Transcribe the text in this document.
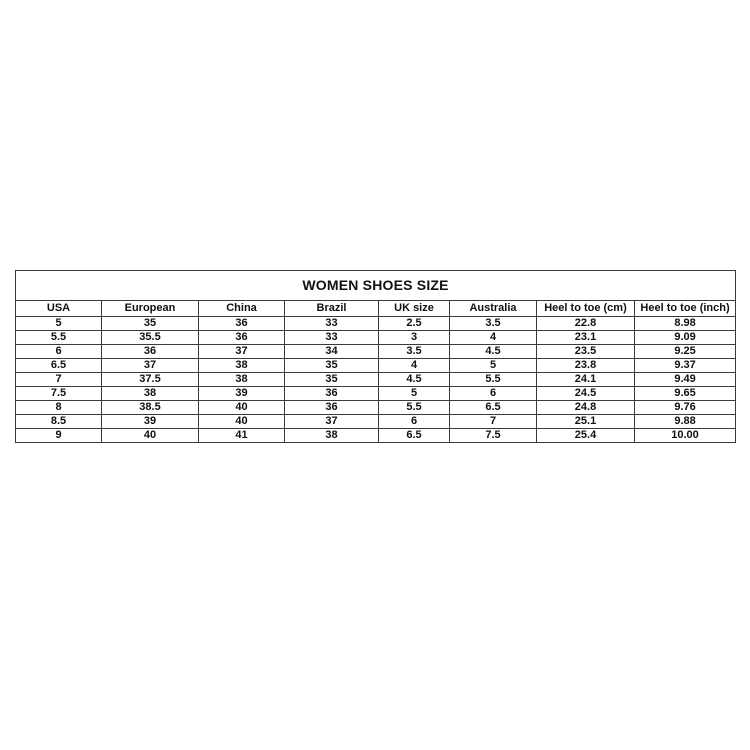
WOMEN SHOES SIZE							
USA	European	China	Brazil	UK size	Australia	Heel to toe (cm)	Heel to toe (inch)
5	35	36	33	2.5	3.5	22.8	8.98
5.5	35.5	36	33	3	4	23.1	9.09
6	36	37	34	3.5	4.5	23.5	9.25
6.5	37	38	35	4	5	23.8	9.37
7	37.5	38	35	4.5	5.5	24.1	9.49
7.5	38	39	36	5	6	24.5	9.65
8	38.5	40	36	5.5	6.5	24.8	9.76
8.5	39	40	37	6	7	25.1	9.88
9	40	41	38	6.5	7.5	25.4	10.00
